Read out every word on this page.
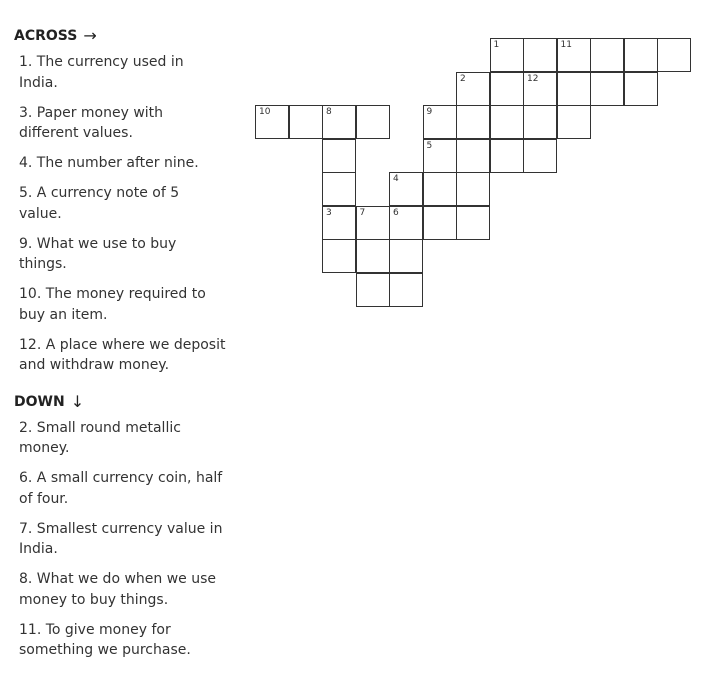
ACROSS →
1. The currency used in India.
3. Paper money with different values.
4. The number after nine.
5. A currency note of 5 value.
9. What we use to buy things.
10. The money required to buy an item.
12. A place where we deposit and withdraw money.
DOWN ↓
2. Small round metallic money.
6. A small currency coin, half of four.
7. Smallest currency value in India.
8. What we do when we use money to buy things.
11. To give money for something we purchase.
1	11
2	12
10	8	9
5
4
3	7	6
